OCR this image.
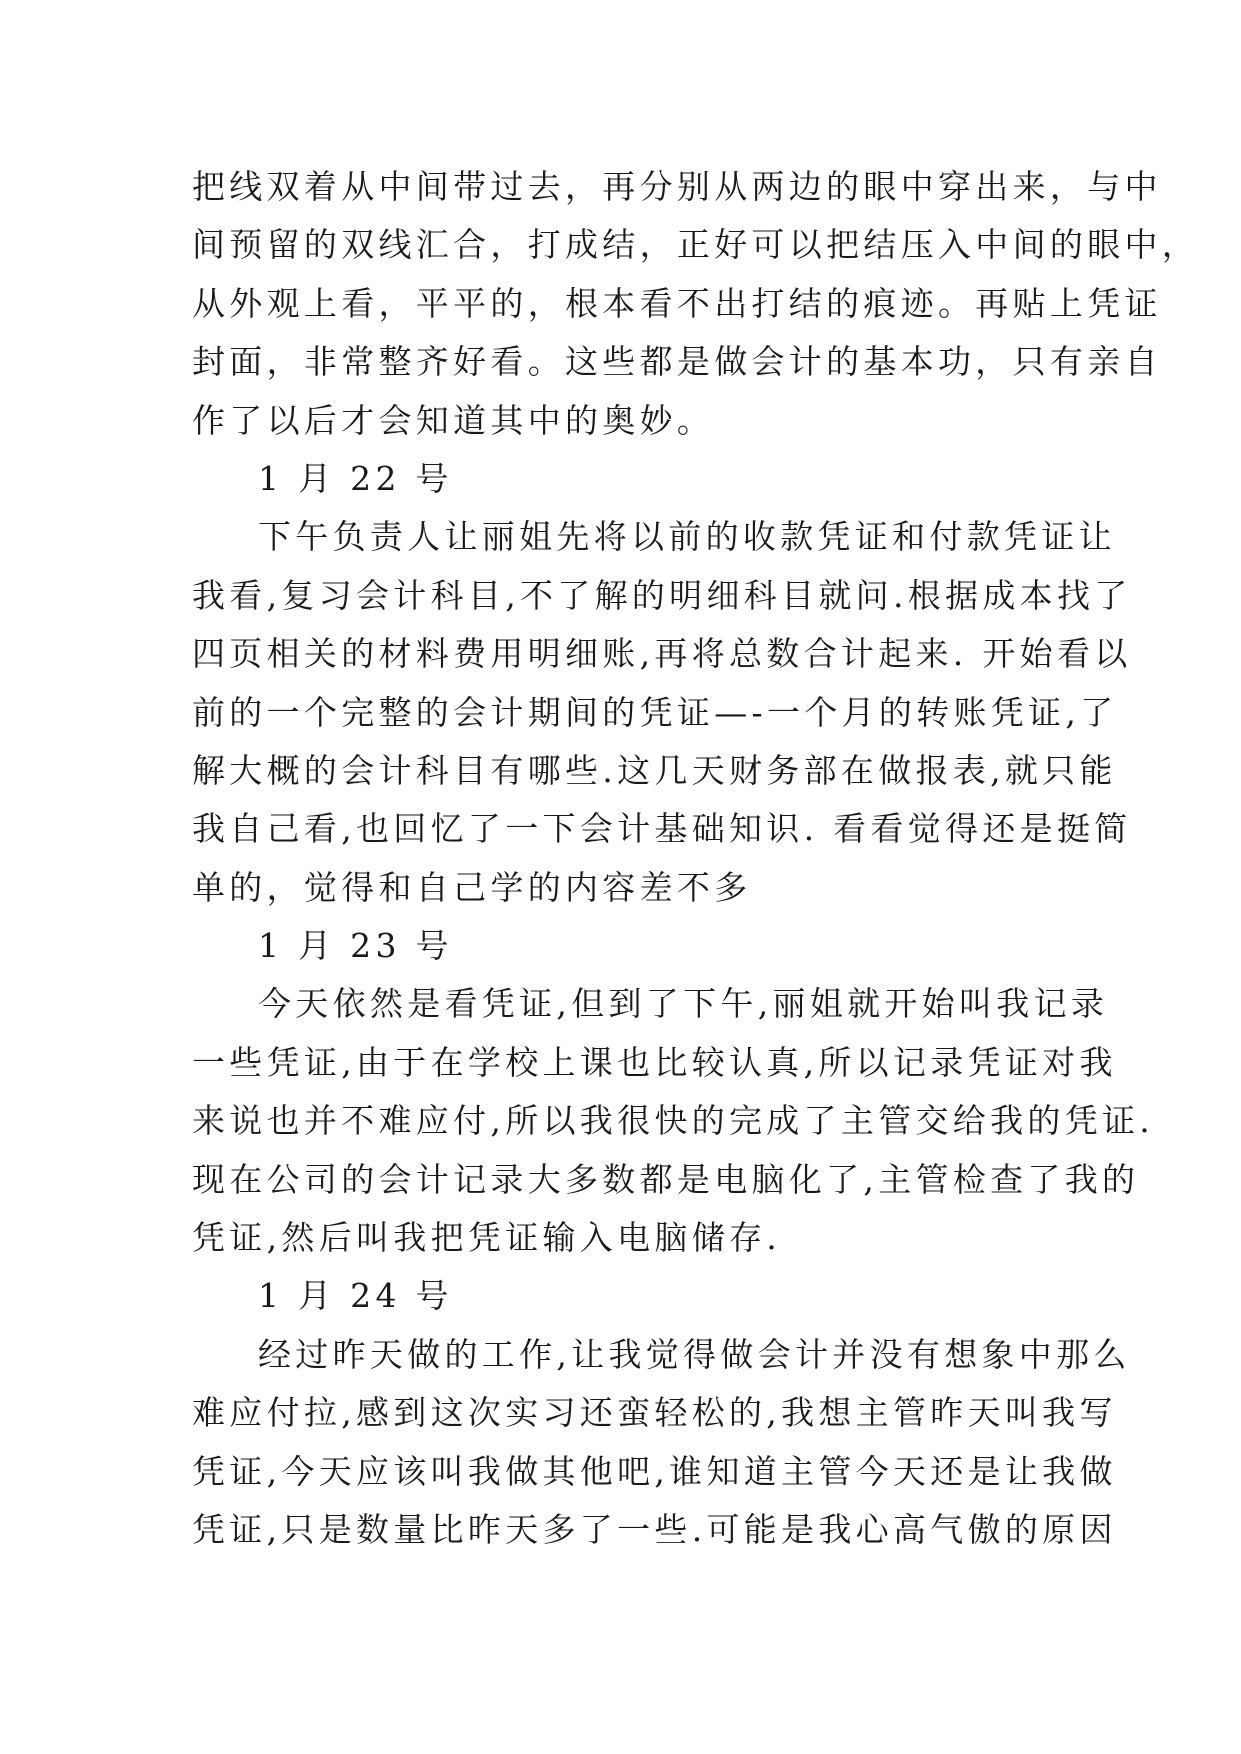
把线双着从中间带过去，再分别从两边的眼中穿出来，与中
间预留的双线汇合，打成结，正好可以把结压入中间的眼中，
从外观上看，平平的，根本看不出打结的痕迹。再贴上凭证
封面，非常整齐好看。这些都是做会计的基本功，只有亲自
作了以后才会知道其中的奥妙。
1 月 22 号
下午负责人让丽姐先将以前的收款凭证和付款凭证让
我看,复习会计科目,不了解的明细科目就问.根据成本找了
四页相关的材料费用明细账,再将总数合计起来. 开始看以
前的一个完整的会计期间的凭证—-一个月的转账凭证,了
解大概的会计科目有哪些.这几天财务部在做报表,就只能
我自己看,也回忆了一下会计基础知识. 看看觉得还是挺简
单的，觉得和自己学的内容差不多
1 月 23 号
今天依然是看凭证,但到了下午,丽姐就开始叫我记录
一些凭证,由于在学校上课也比较认真,所以记录凭证对我
来说也并不难应付,所以我很快的完成了主管交给我的凭证.
现在公司的会计记录大多数都是电脑化了,主管检查了我的
凭证,然后叫我把凭证输入电脑储存.
1 月 24 号
经过昨天做的工作,让我觉得做会计并没有想象中那么
难应付拉,感到这次实习还蛮轻松的,我想主管昨天叫我写
凭证,今天应该叫我做其他吧,谁知道主管今天还是让我做
凭证,只是数量比昨天多了一些.可能是我心高气傲的原因
